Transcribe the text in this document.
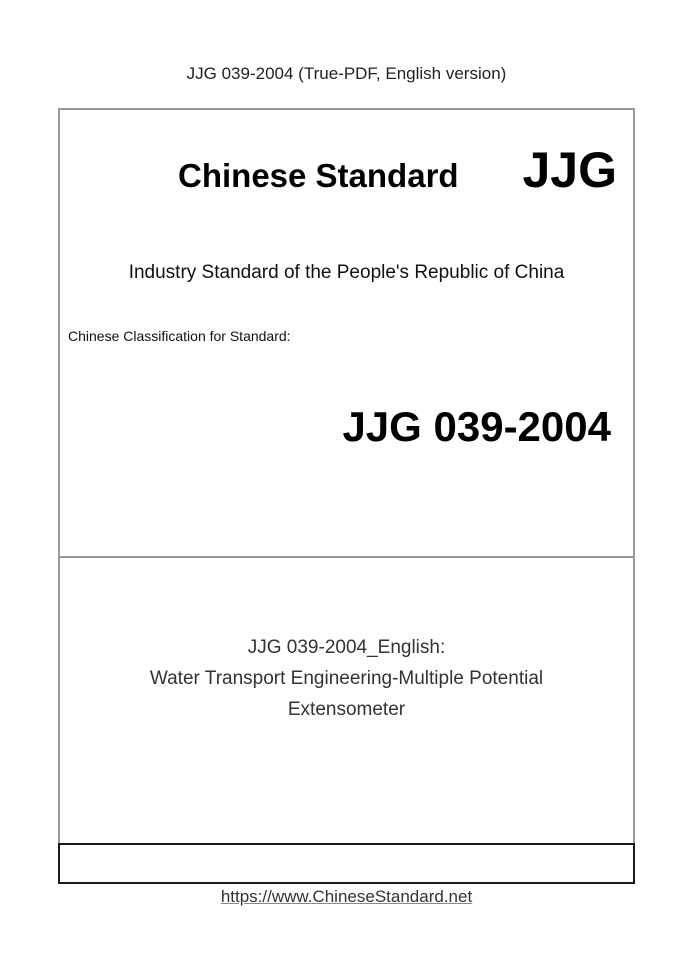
JJG 039-2004 (True-PDF, English version)
Chinese Standard JJG
Industry Standard of the People's Republic of China
Chinese Classification for Standard:
JJG 039-2004
JJG 039-2004_English:
Water Transport Engineering-Multiple Potential Extensometer
https://www.ChineseStandard.net
